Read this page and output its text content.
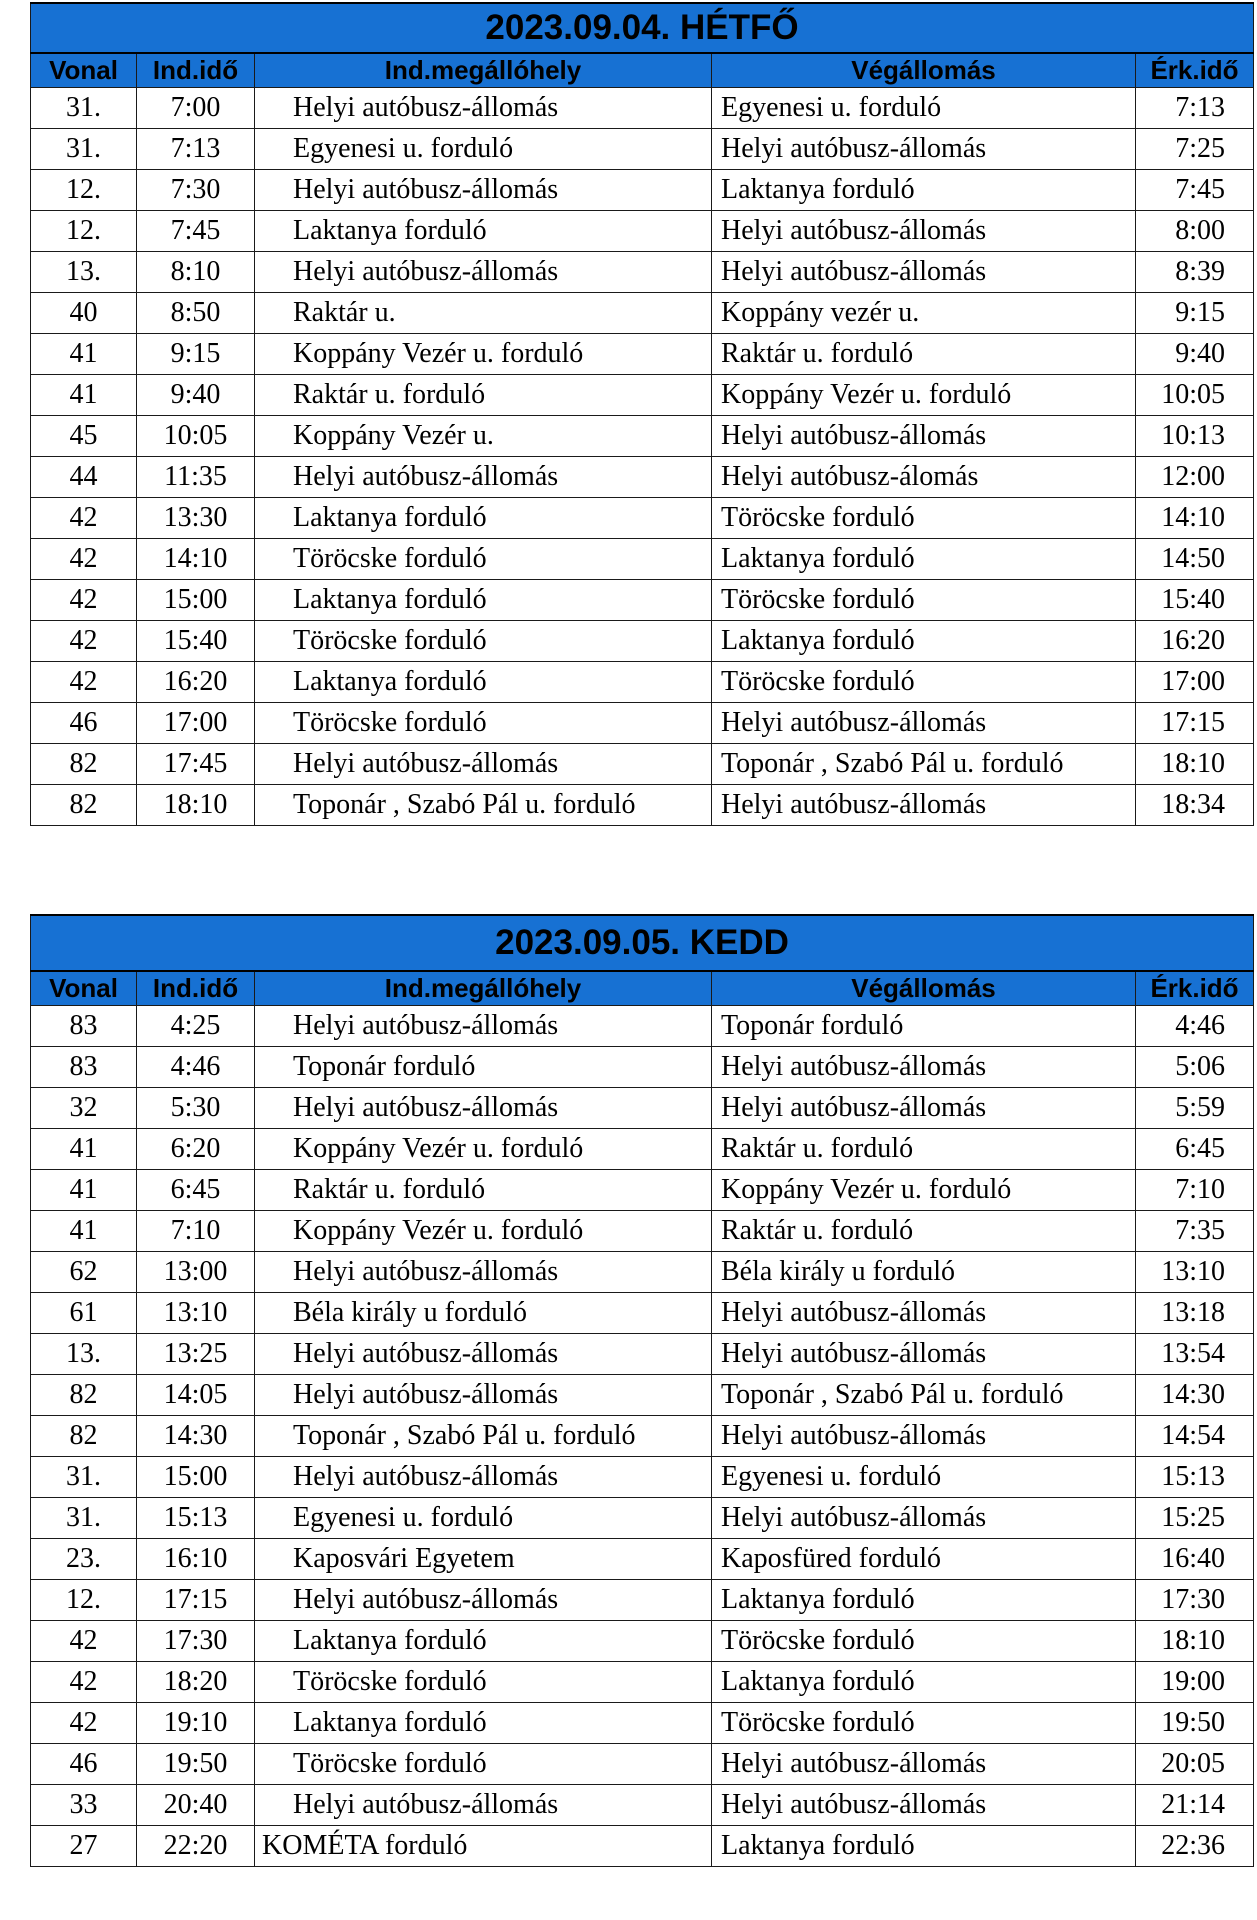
2023.09.04. HÉTFŐ				
Vonal	Ind.idő	Ind.megállóhely	Végállomás	Érk.idő
31.	7:00	Helyi autóbusz-állomás	Egyenesi u. forduló	7:13
31.	7:13	Egyenesi u. forduló	Helyi autóbusz-állomás	7:25
12.	7:30	Helyi autóbusz-állomás	Laktanya forduló	7:45
12.	7:45	Laktanya forduló	Helyi autóbusz-állomás	8:00
13.	8:10	Helyi autóbusz-állomás	Helyi autóbusz-állomás	8:39
40	8:50	Raktár u.	Koppány vezér u.	9:15
41	9:15	Koppány Vezér u. forduló	Raktár u. forduló	9:40
41	9:40	Raktár u. forduló	Koppány Vezér u. forduló	10:05
45	10:05	Koppány Vezér u.	Helyi autóbusz-állomás	10:13
44	11:35	Helyi autóbusz-állomás	Helyi autóbusz-álomás	12:00
42	13:30	Laktanya forduló	Töröcske forduló	14:10
42	14:10	Töröcske forduló	Laktanya forduló	14:50
42	15:00	Laktanya forduló	Töröcske forduló	15:40
42	15:40	Töröcske forduló	Laktanya forduló	16:20
42	16:20	Laktanya forduló	Töröcske forduló	17:00
46	17:00	Töröcske forduló	Helyi autóbusz-állomás	17:15
82	17:45	Helyi autóbusz-állomás	Toponár , Szabó Pál u. forduló	18:10
82	18:10	Toponár , Szabó Pál u. forduló	Helyi autóbusz-állomás	18:34
2023.09.05. KEDD				
Vonal	Ind.idő	Ind.megállóhely	Végállomás	Érk.idő
83	4:25	Helyi autóbusz-állomás	Toponár forduló	4:46
83	4:46	Toponár forduló	Helyi autóbusz-állomás	5:06
32	5:30	Helyi autóbusz-állomás	Helyi autóbusz-állomás	5:59
41	6:20	Koppány Vezér u. forduló	Raktár u. forduló	6:45
41	6:45	Raktár u. forduló	Koppány Vezér u. forduló	7:10
41	7:10	Koppány Vezér u. forduló	Raktár u. forduló	7:35
62	13:00	Helyi autóbusz-állomás	Béla király u forduló	13:10
61	13:10	Béla király u forduló	Helyi autóbusz-állomás	13:18
13.	13:25	Helyi autóbusz-állomás	Helyi autóbusz-állomás	13:54
82	14:05	Helyi autóbusz-állomás	Toponár , Szabó Pál u. forduló	14:30
82	14:30	Toponár , Szabó Pál u. forduló	Helyi autóbusz-állomás	14:54
31.	15:00	Helyi autóbusz-állomás	Egyenesi u. forduló	15:13
31.	15:13	Egyenesi u. forduló	Helyi autóbusz-állomás	15:25
23.	16:10	Kaposvári Egyetem	Kaposfüred forduló	16:40
12.	17:15	Helyi autóbusz-állomás	Laktanya forduló	17:30
42	17:30	Laktanya forduló	Töröcske forduló	18:10
42	18:20	Töröcske forduló	Laktanya forduló	19:00
42	19:10	Laktanya forduló	Töröcske forduló	19:50
46	19:50	Töröcske forduló	Helyi autóbusz-állomás	20:05
33	20:40	Helyi autóbusz-állomás	Helyi autóbusz-állomás	21:14
27	22:20	KOMÉTA forduló	Laktanya forduló	22:36
